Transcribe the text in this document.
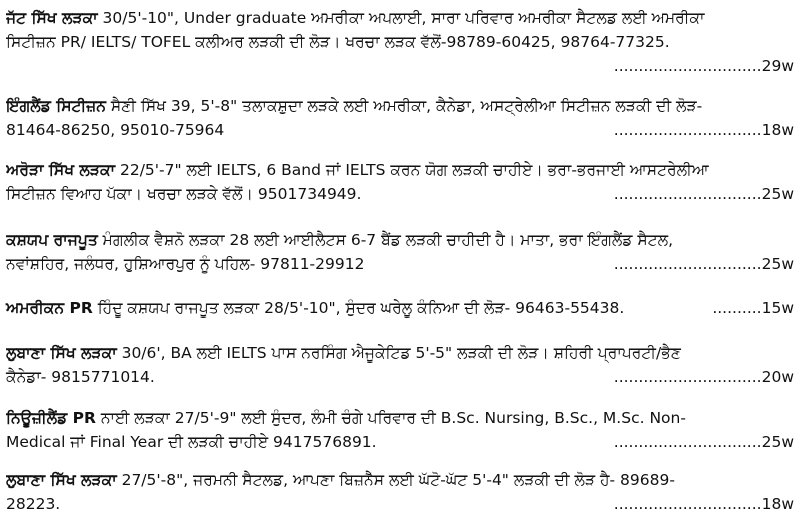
ਜੱਟ ਸਿੱਖ ਲੜਕਾ 30/5'-10", Under graduate ਅਮਰੀਕਾ ਅਪਲਾਈ, ਸਾਰਾ ਪਰਿਵਾਰ ਅਮਰੀਕਾ ਸੈਟਲਡ ਲਈ ਅਮਰੀਕਾ
ਸਿਟੀਜ਼ਨ PR/ IELTS/ TOFEL ਕਲੀਅਰ ਲੜਕੀ ਦੀ ਲੋੜ। ਖਰਚਾ ਲੜਕ ਵੱਲੋਂ-98789-60425, 98764-77325.
..............................29w
ਇੰਗਲੈਂਡ ਸਿਟੀਜ਼ਨ ਸੈਣੀ ਸਿੱਖ 39, 5'-8" ਤਲਾਕਸ਼ੁਦਾ ਲੜਕੇ ਲਈ ਅਮਰੀਕਾ, ਕੈਨੇਡਾ, ਅਸਟ੍ਰੇਲੀਆ ਸਿਟੀਜ਼ਨ ਲੜਕੀ ਦੀ ਲੋੜ-
81464-86250, 95010-75964	..............................18w
ਅਰੋੜਾ ਸਿੱਖ ਲੜਕਾ 22/5'-7" ਲਈ IELTS, 6 Band ਜਾਂ IELTS ਕਰਨ ਯੋਗ ਲੜਕੀ ਚਾਹੀਏ। ਭਰਾ-ਭਰਜਾਈ ਆਸਟਰੇਲੀਆ
ਸਿਟੀਜ਼ਨ ਵਿਆਹ ਪੱਕਾ। ਖਰਚਾ ਲੜਕੇ ਵੱਲੋਂ। 9501734949.	..............................25w
ਕਸ਼ਯਪ ਰਾਜਪੂਤ ਮੰਗਲੀਕ ਵੈਸ਼ਨੋ ਲੜਕਾ 28 ਲਈ ਆਈਲੈਟਸ 6-7 ਬੈਂਡ ਲੜਕੀ ਚਾਹੀਦੀ ਹੈ। ਮਾਤਾ, ਭਰਾ ਇੰਗਲੈਂਡ ਸੈਟਲ,
ਨਵਾਂਸ਼ਹਿਰ, ਜਲੰਧਰ, ਹੁਸ਼ਿਆਰਪੁਰ ਨੂੰ ਪਹਿਲ- 97811-29912	..............................25w
ਅਮਰੀਕਨ PR ਹਿੰਦੂ ਕਸ਼ਯਪ ਰਾਜਪੂਤ ਲੜਕਾ 28/5'-10", ਸੁੰਦਰ ਘਰੇਲੂ ਕੰਨਿਆ ਦੀ ਲੋੜ- 96463-55438.	..........15w
ਲੁਬਾਣਾ ਸਿੱਖ ਲੜਕਾ 30/6', BA ਲਈ IELTS ਪਾਸ ਨਰਸਿੰਗ ਐਜੂਕੇਟਿਡ 5'-5" ਲੜਕੀ ਦੀ ਲੋੜ। ਸ਼ਹਿਰੀ ਪ੍ਰਾਪਰਟੀ/ਭੈਣ
ਕੈਨੇਡਾ- 9815771014.	..............................20w
ਨਿਊਜ਼ੀਲੈਂਡ PR ਨਾਈ ਲੜਕਾ 27/5'-9" ਲਈ ਸੁੰਦਰ, ਲੰਮੀ ਚੰਗੇ ਪਰਿਵਾਰ ਦੀ B.Sc. Nursing, B.Sc., M.Sc. Non-
Medical ਜਾਂ Final Year ਦੀ ਲੜਕੀ ਚਾਹੀਏ 9417576891.	..............................25w
ਲੁਬਾਣਾ ਸਿੱਖ ਲੜਕਾ 27/5'-8", ਜਰਮਨੀ ਸੈਟਲਡ, ਆਪਣਾ ਬਿਜ਼ਨੈੱਸ ਲਈ ਘੱਟੋ-ਘੱਟ 5'-4" ਲੜਕੀ ਦੀ ਲੋੜ ਹੈ- 89689-
28223.	..............................18w
